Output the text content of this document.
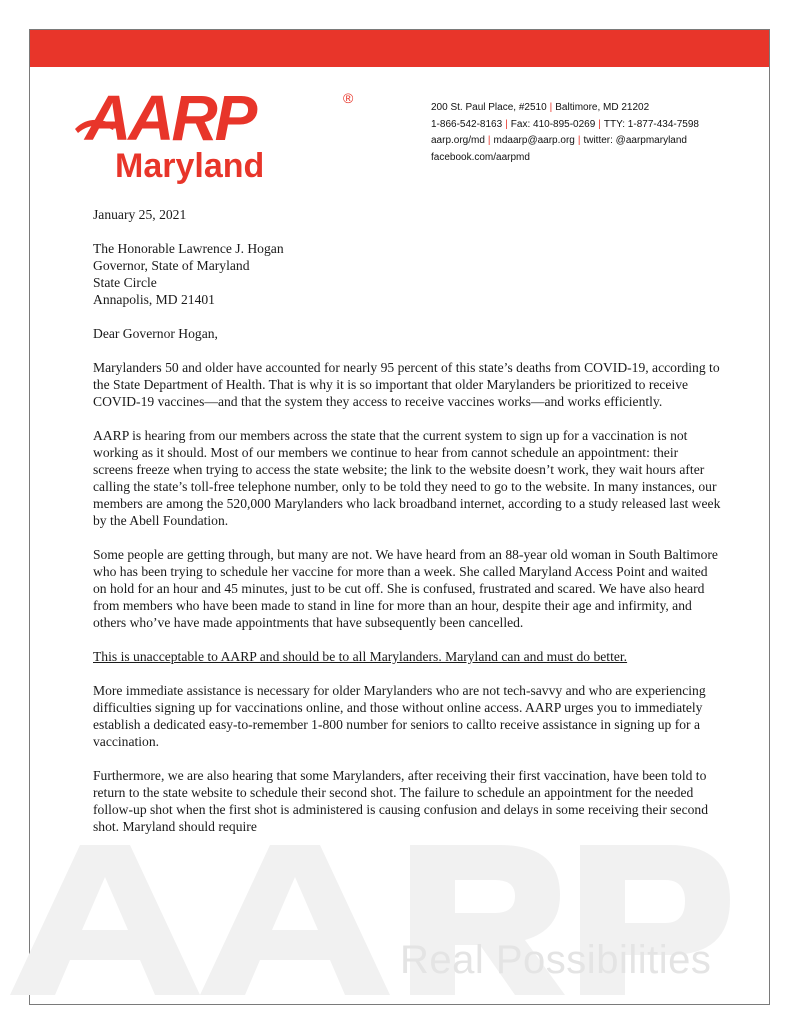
Real Possibilities
AARP	®
Maryland
200 St. Paul Place, #2510 | Baltimore, MD 21202
1-866-542-8163 | Fax: 410-895-0269 | TTY: 1-877-434-7598
aarp.org/md | mdaarp@aarp.org | twitter: @aarpmaryland
facebook.com/aarpmd

January 25, 2021

The Honorable Lawrence J. Hogan
Governor, State of Maryland
State Circle
Annapolis, MD 21401

Dear Governor Hogan,

Marylanders 50 and older have accounted for nearly 95 percent of this state’s deaths from COVID-19, according to the State Department of Health. That is why it is so important that older Marylanders be prioritized to receive COVID-19 vaccines—and that the system they access to receive vaccines works—and works efficiently.

AARP is hearing from our members across the state that the current system to sign up for a vaccination is not working as it should. Most of our members we continue to hear from cannot schedule an appointment: their screens freeze when trying to access the state website; the link to the website doesn’t work, they wait hours after calling the state’s toll-free telephone number, only to be told they need to go to the website. In many instances, our members are among the 520,000 Marylanders who lack broadband internet, according to a study released last week by the Abell Foundation.

Some people are getting through, but many are not. We have heard from an 88-year old woman in South Baltimore who has been trying to schedule her vaccine for more than a week. She called Maryland Access Point and waited on hold for an hour and 45 minutes, just to be cut off. She is confused, frustrated and scared. We have also heard from members who have been made to stand in line for more than an hour, despite their age and infirmity, and others who’ve have made appointments that have subsequently been cancelled.

This is unacceptable to AARP and should be to all Marylanders. Maryland can and must do better.

More immediate assistance is necessary for older Marylanders who are not tech-savvy and who are experiencing difficulties signing up for vaccinations online, and those without online access. AARP urges you to immediately establish a dedicated easy-to-remember 1-800 number for seniors to callto receive assistance in signing up for a vaccination.

Furthermore, we are also hearing that some Marylanders, after receiving their first vaccination, have been told to return to the state website to schedule their second shot. The failure to schedule an appointment for the needed follow-up shot when the first shot is administered is causing confusion and delays in some receiving their second shot. Maryland should require
